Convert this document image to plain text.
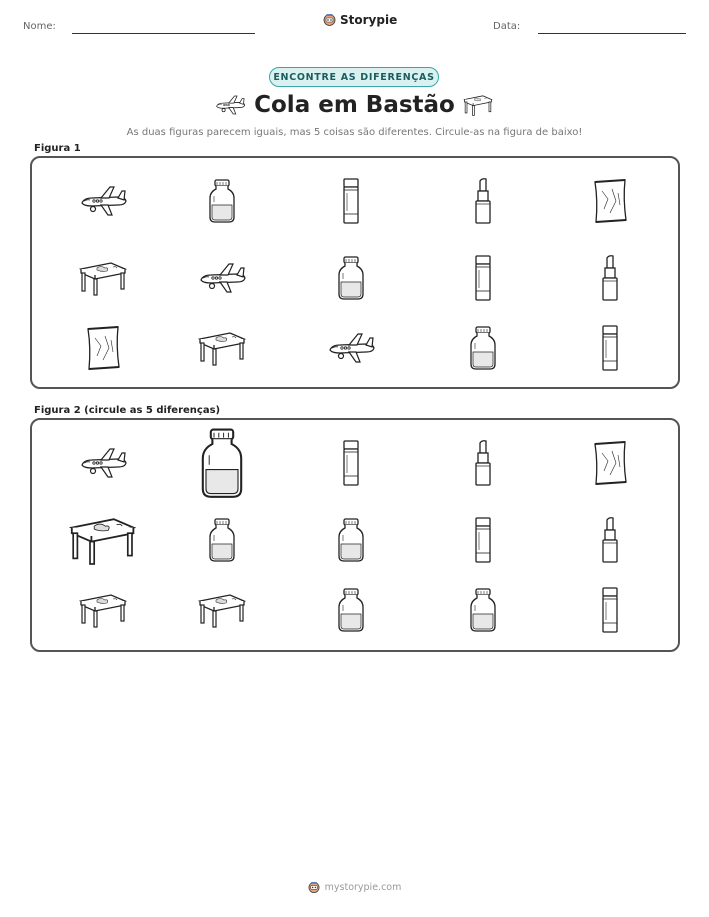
Nome:	Storypie	Data:
ENCONTRE AS DIFERENÇAS
Cola em Bastão
As duas figuras parecem iguais, mas 5 coisas são diferentes. Circule-as na figura de baixo!
Figura 1
Figura 2 (circule as 5 diferenças)
mystorypie.com
